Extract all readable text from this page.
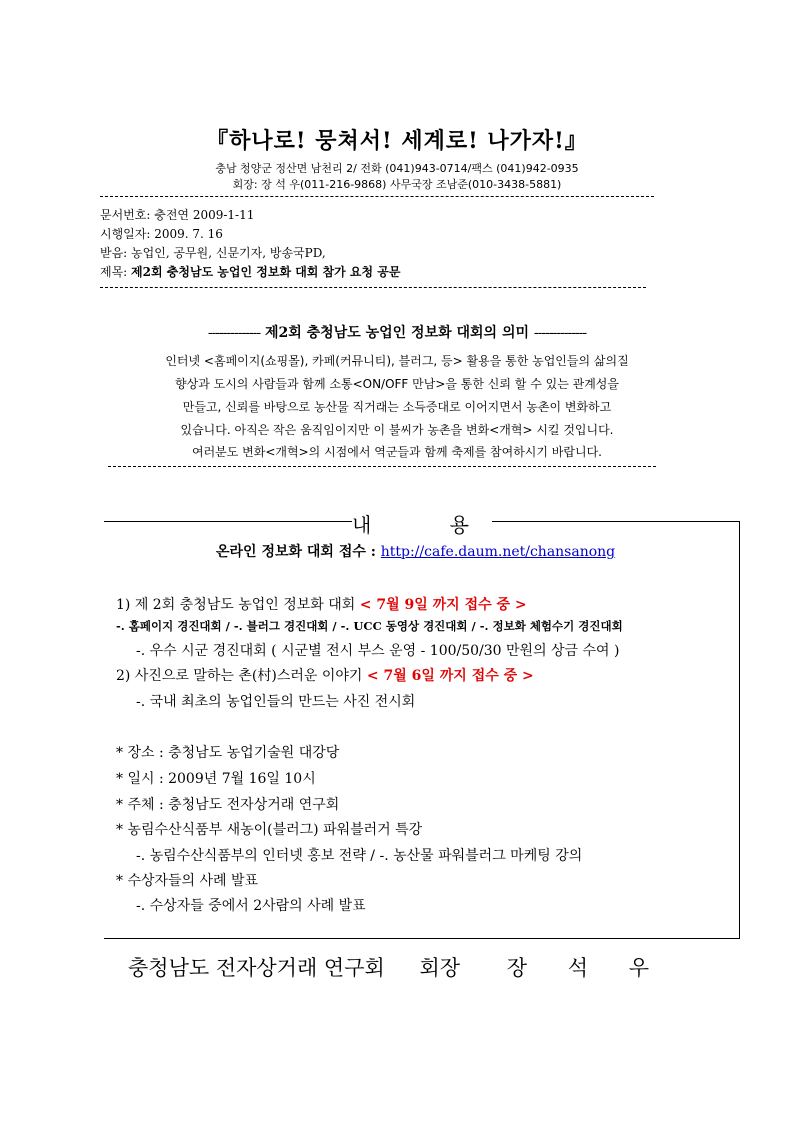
『하나로! 뭉쳐서! 세계로! 나가자!』
충남 청양군 정산면 남천리 2/ 전화 (041)943-0714/팩스 (041)942-0935
회장: 장 석 우(011-216-9868) 사무국장 조남준(010-3438-5881)
문서번호: 충전연 2009-1-11
시행일자: 2009. 7. 16
받음: 농업인, 공무원, 신문기자, 방송국PD,
제목: 제2회 충청남도 농업인 정보화 대회 참가 요청 공문
-------------- 제2회 충청남도 농업인 정보화 대회의 의미 --------------
인터넷 <홈페이지(쇼핑몰), 카페(커뮤니티), 블러그, 등> 활용을 통한 농업인들의 삶의질
향상과 도시의 사람들과 함께 소통<ON/OFF 만남>을 통한 신뢰 할 수 있는 관계성을
만들고, 신뢰를 바탕으로 농산물 직거래는 소득증대로 이어지면서 농촌이 변화하고
있습니다. 아직은 작은 움직임이지만 이 불씨가 농촌을 변화<개혁> 시킬 것입니다.
여러분도 변화<개혁>의 시점에서 역군들과 함께 축제를 참여하시기 바랍니다.
내 용
온라인 정보화 대회 접수 : http://cafe.daum.net/chansanong
1) 제 2회 충청남도 농업인 정보화 대회 < 7월 9일 까지 접수 중 >
-. 홈페이지 경진대회 / -. 블러그 경진대회 / -. UCC 동영상 경진대회 / -. 정보화 체험수기 경진대회
-. 우수 시군 경진대회 ( 시군별 전시 부스 운영 - 100/50/30 만원의 상금 수여 )
2) 사진으로 말하는 촌(村)스러운 이야기 < 7월 6일 까지 접수 중 >
-. 국내 최초의 농업인들의 만드는 사진 전시회
* 장소 : 충청남도 농업기술원 대강당
* 일시 : 2009년 7월 16일 10시
* 주체 : 충청남도 전자상거래 연구회
* 농림수산식품부 새농이(블러그) 파워블러거 특강
-. 농림수산식품부의 인터넷 홍보 전략 / -. 농산물 파워블러그 마케팅 강의
* 수상자들의 사례 발표
-. 수상자들 중에서 2사람의 사례 발표
충청남도 전자상거래 연구회 회장 장 석 우
